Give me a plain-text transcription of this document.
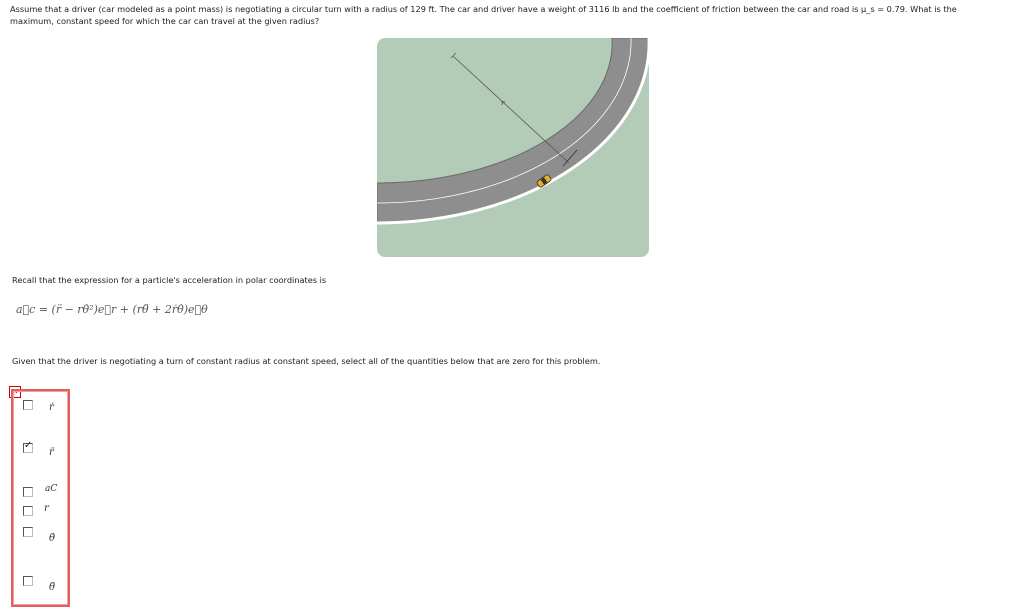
Assume that a driver (car modeled as a point mass) is negotiating a circular turn with a radius of 129 ft. The car and driver have a weight of 3116 lb and the coefficient of friction between the car and road is μ_s = 0.79. What is the
maximum, constant speed for which the car can travel at the given radius?
r
Recall that the expression for a particle's acceleration in polar coordinates is
a⃗c = (r̈ − rθ̇²)e⃗r + (rθ̈ + 2ṙθ̇)e⃗θ
Given that the driver is negotiating a turn of constant radius at constant speed, select all of the quantities below that are zero for this problem.
✕
ṙ
✓
r̈
aC
r
θ̇
θ̈
